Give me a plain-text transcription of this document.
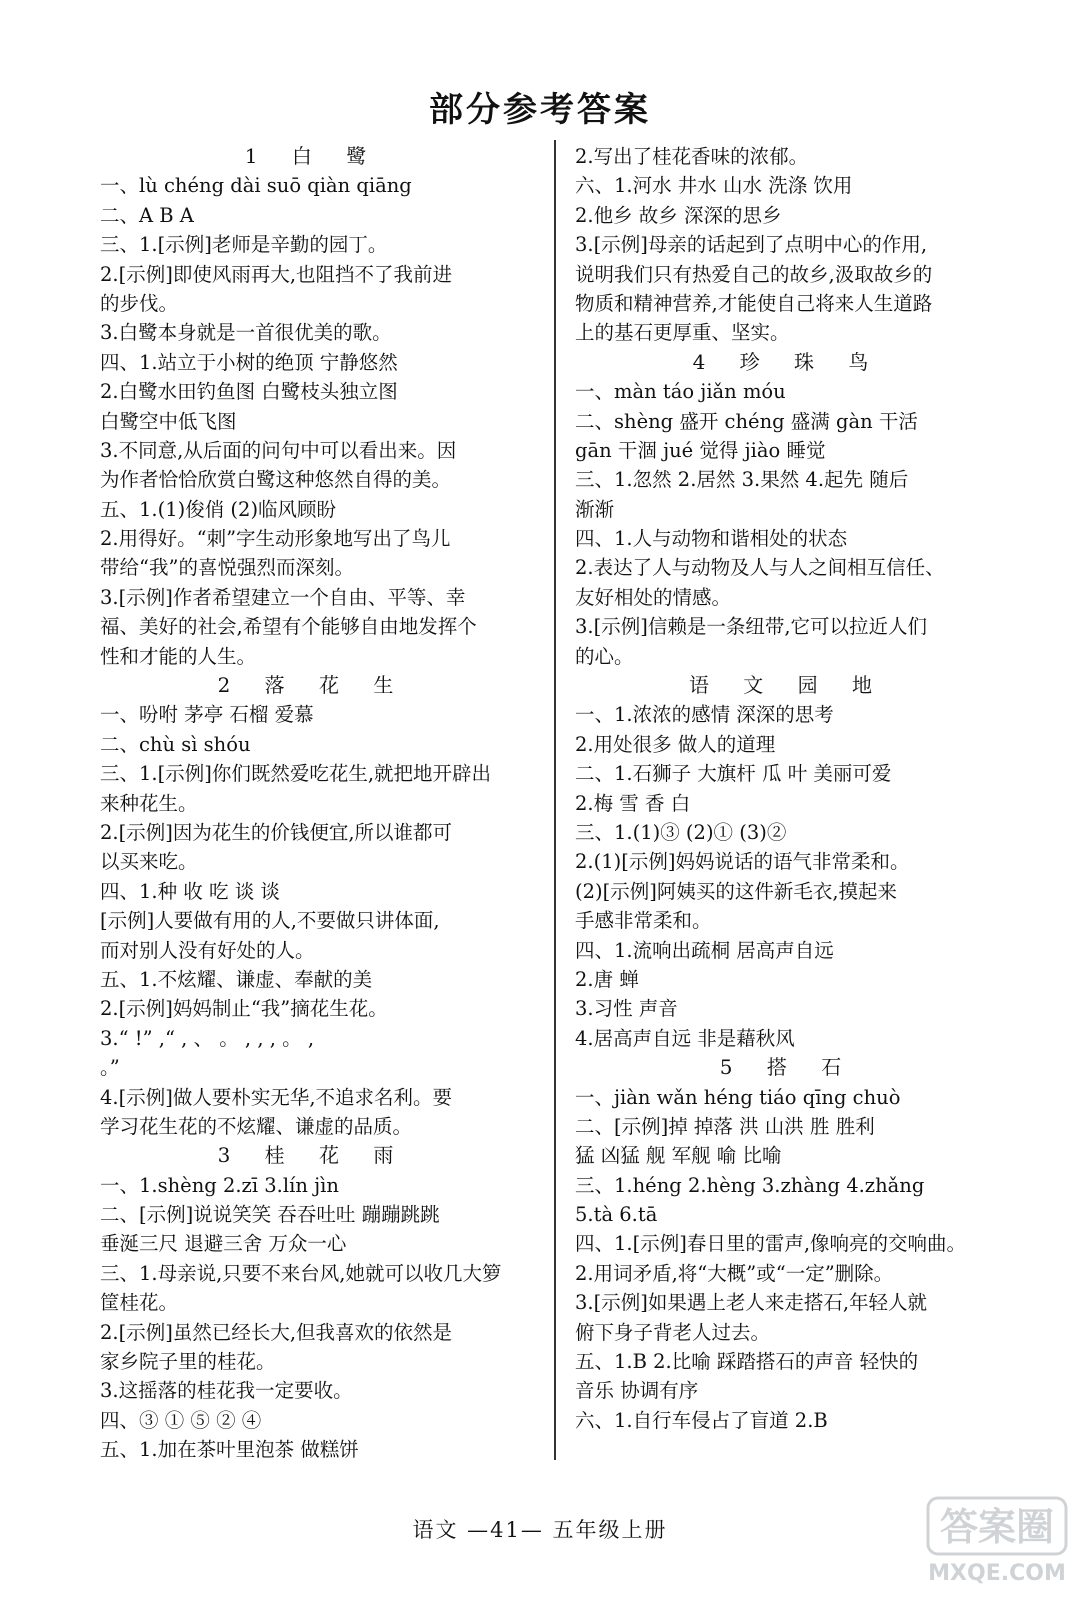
部分参考答案
1 白 鹭
一、lù chéng dài suō qiàn qiāng
二、A B A
三、1.[示例]老师是辛勤的园丁。
2.[示例]即使风雨再大,也阻挡不了我前进
的步伐。
3.白鹭本身就是一首很优美的歌。
四、1.站立于小树的绝顶 宁静悠然
2.白鹭水田钓鱼图 白鹭枝头独立图
白鹭空中低飞图
3.不同意,从后面的问句中可以看出来。因
为作者恰恰欣赏白鹭这种悠然自得的美。
五、1.(1)俊俏 (2)临风顾盼
2.用得好。“刺”字生动形象地写出了鸟儿
带给“我”的喜悦强烈而深刻。
3.[示例]作者希望建立一个自由、平等、幸
福、美好的社会,希望有个能够自由地发挥个
性和才能的人生。
2 落 花 生
一、吩咐 茅亭 石榴 爱慕
二、chù sì shóu
三、1.[示例]你们既然爱吃花生,就把地开辟出
来种花生。
2.[示例]因为花生的价钱便宜,所以谁都可
以买来吃。
四、1.种 收 吃 谈 谈
[示例]人要做有用的人,不要做只讲体面,
而对别人没有好处的人。
五、1.不炫耀、谦虚、奉献的美
2.[示例]妈妈制止“我”摘花生花。
3.“ !” ,“ , 、 。 , , , 。 ,
。”
4.[示例]做人要朴实无华,不追求名利。要
学习花生花的不炫耀、谦虚的品质。
3 桂 花 雨
一、1.shèng 2.zī 3.lín jìn
二、[示例]说说笑笑 吞吞吐吐 蹦蹦跳跳
垂涎三尺 退避三舍 万众一心
三、1.母亲说,只要不来台风,她就可以收几大箩
筐桂花。
2.[示例]虽然已经长大,但我喜欢的依然是
家乡院子里的桂花。
3.这摇落的桂花我一定要收。
四、③ ① ⑤ ② ④
五、1.加在茶叶里泡茶 做糕饼
2.写出了桂花香味的浓郁。
六、1.河水 井水 山水 洗涤 饮用
2.他乡 故乡 深深的思乡
3.[示例]母亲的话起到了点明中心的作用,
说明我们只有热爱自己的故乡,汲取故乡的
物质和精神营养,才能使自己将来人生道路
上的基石更厚重、坚实。
4 珍 珠 鸟
一、màn táo jiǎn móu
二、shèng 盛开 chéng 盛满 gàn 干活
gān 干涸 jué 觉得 jiào 睡觉
三、1.忽然 2.居然 3.果然 4.起先 随后
渐渐
四、1.人与动物和谐相处的状态
2.表达了人与动物及人与人之间相互信任、
友好相处的情感。
3.[示例]信赖是一条纽带,它可以拉近人们
的心。
语 文 园 地
一、1.浓浓的感情 深深的思考
2.用处很多 做人的道理
二、1.石狮子 大旗杆 瓜 叶 美丽可爱
2.梅 雪 香 白
三、1.(1)③ (2)① (3)②
2.(1)[示例]妈妈说话的语气非常柔和。
(2)[示例]阿姨买的这件新毛衣,摸起来
手感非常柔和。
四、1.流响出疏桐 居高声自远
2.唐 蝉
3.习性 声音
4.居高声自远 非是藉秋风
5 搭 石
一、jiàn wǎn héng tiáo qīng chuò
二、[示例]掉 掉落 洪 山洪 胜 胜利
猛 凶猛 舰 军舰 喻 比喻
三、1.héng 2.hèng 3.zhàng 4.zhǎng
5.tà 6.tā
四、1.[示例]春日里的雷声,像响亮的交响曲。
2.用词矛盾,将“大概”或“一定”删除。
3.[示例]如果遇上老人来走搭石,年轻人就
俯下身子背老人过去。
五、1.B 2.比喻 踩踏搭石的声音 轻快的
音乐 协调有序
六、1.自行车侵占了盲道 2.B
语文 —41— 五年级上册	答案圈
MXQE.COM
